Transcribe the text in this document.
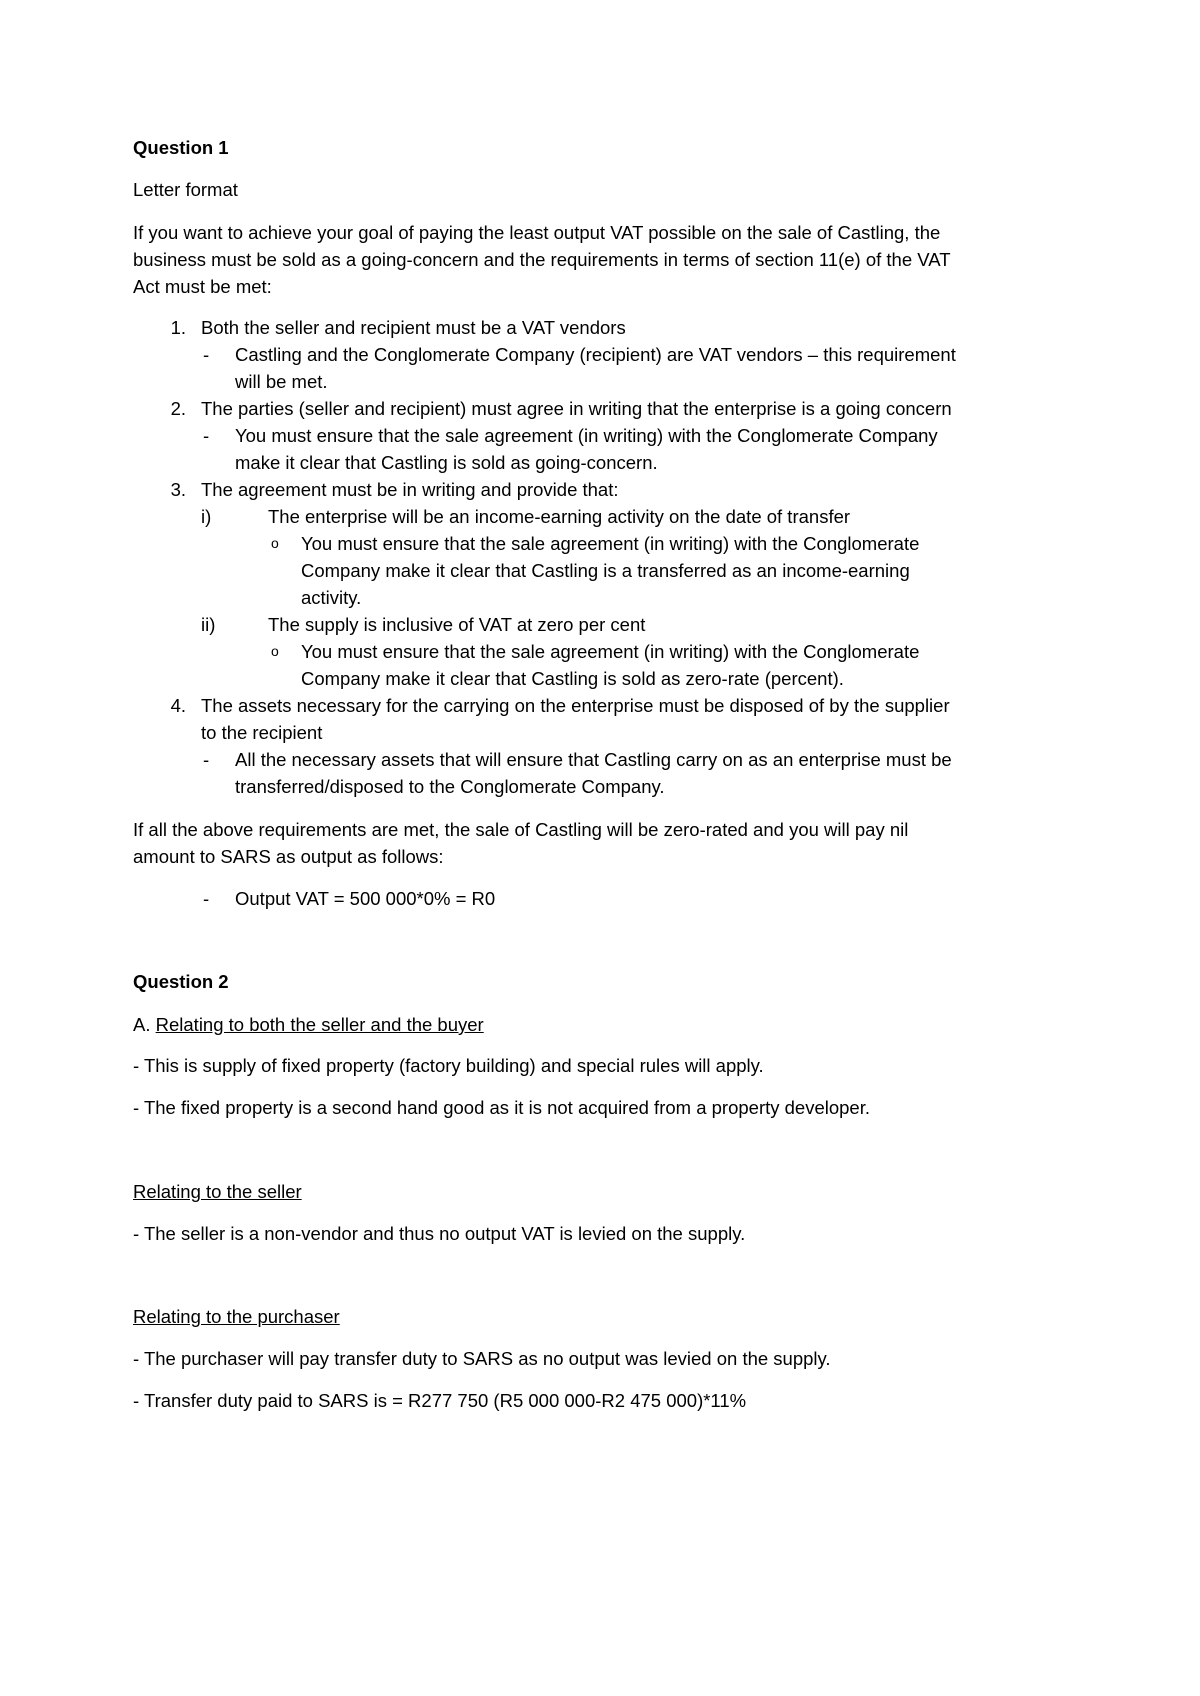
Question 1
Letter format
If you want to achieve your goal of paying the least output VAT possible on the sale of Castling, the
business must be sold as a going-concern and the requirements in terms of section 11(e) of the VAT
Act must be met:
1. Both the seller and recipient must be a VAT vendors
- Castling and the Conglomerate Company (recipient) are VAT vendors – this requirement
will be met.
2. The parties (seller and recipient) must agree in writing that the enterprise is a going concern
- You must ensure that the sale agreement (in writing) with the Conglomerate Company
make it clear that Castling is sold as going-concern.
3. The agreement must be in writing and provide that:
i)	The enterprise will be an income-earning activity on the date of transfer
o You must ensure that the sale agreement (in writing) with the Conglomerate
Company make it clear that Castling is a transferred as an income-earning
activity.
ii)	The supply is inclusive of VAT at zero per cent
o You must ensure that the sale agreement (in writing) with the Conglomerate
Company make it clear that Castling is sold as zero-rate (percent).
4. The assets necessary for the carrying on the enterprise must be disposed of by the supplier
to the recipient
- All the necessary assets that will ensure that Castling carry on as an enterprise must be
transferred/disposed to the Conglomerate Company.
If all the above requirements are met, the sale of Castling will be zero-rated and you will pay nil
amount to SARS as output as follows:
- Output VAT = 500 000*0% = R0
Question 2
A. Relating to both the seller and the buyer
- This is supply of fixed property (factory building) and special rules will apply.
- The fixed property is a second hand good as it is not acquired from a property developer.
Relating to the seller
- The seller is a non-vendor and thus no output VAT is levied on the supply.
Relating to the purchaser
- The purchaser will pay transfer duty to SARS as no output was levied on the supply.
- Transfer duty paid to SARS is = R277 750 (R5 000 000-R2 475 000)*11%
